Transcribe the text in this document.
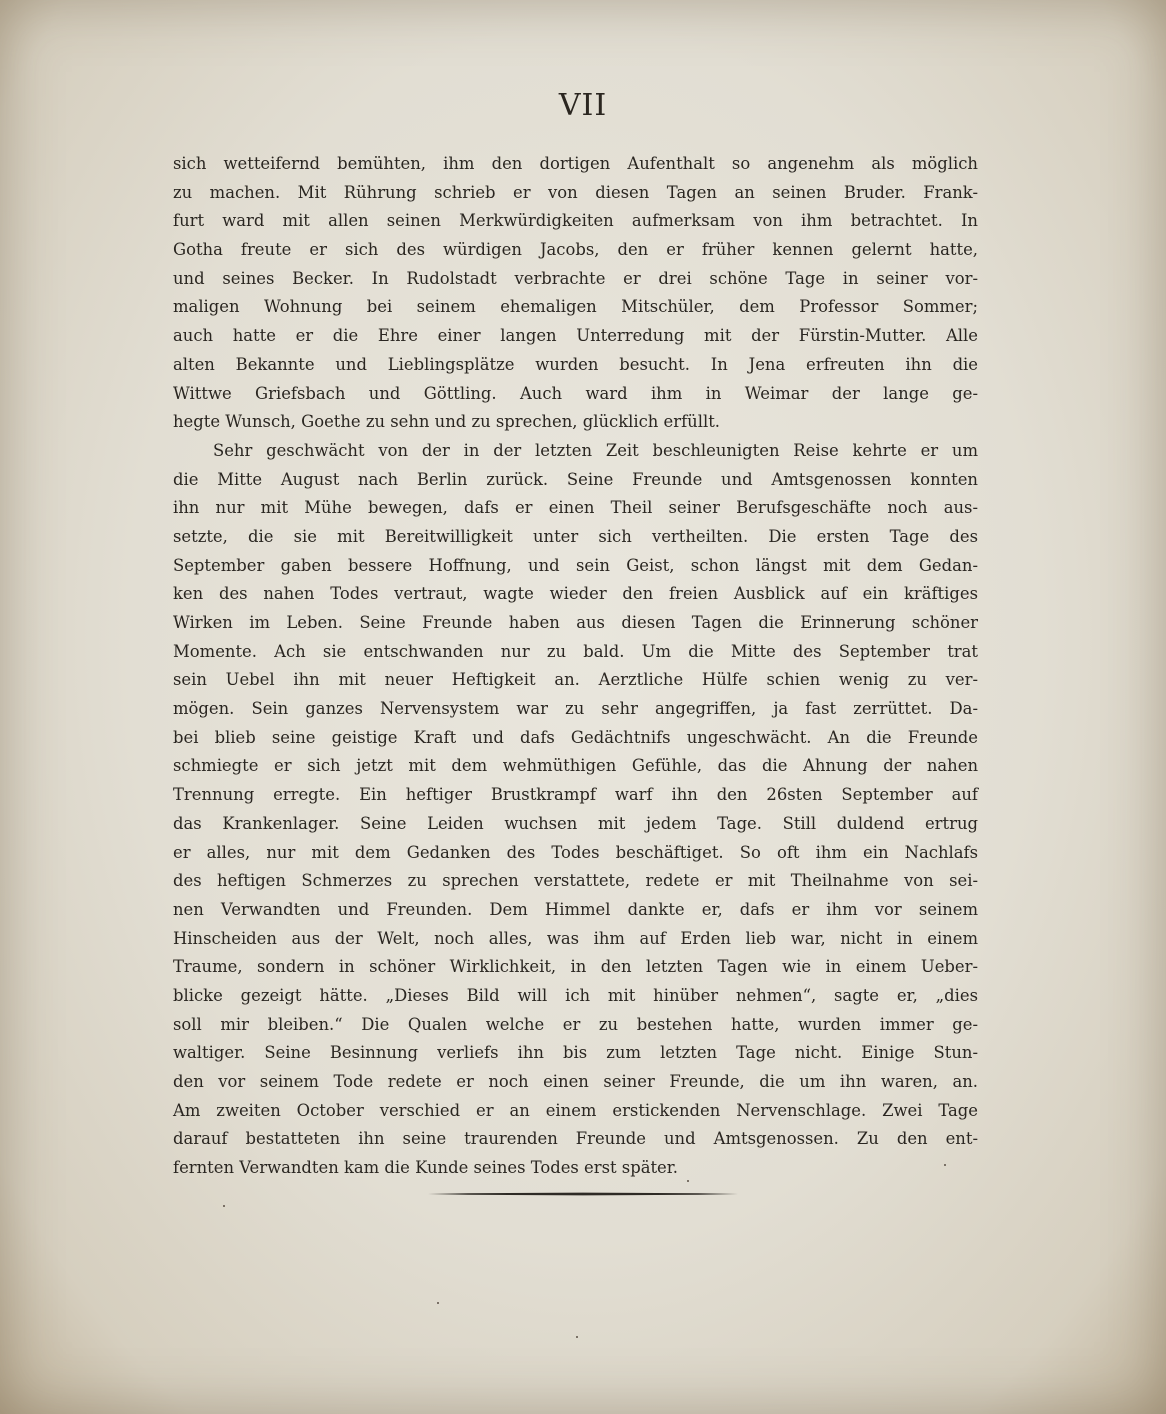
VII
sich wetteifernd bemühten, ihm den dortigen Aufenthalt so angenehm als möglich
zu machen. Mit Rührung schrieb er von diesen Tagen an seinen Bruder. Frank-
furt ward mit allen seinen Merkwürdigkeiten aufmerksam von ihm betrachtet. In
Gotha freute er sich des würdigen Jacobs, den er früher kennen gelernt hatte,
und seines Becker. In Rudolstadt verbrachte er drei schöne Tage in seiner vor-
maligen Wohnung bei seinem ehemaligen Mitschüler, dem Professor Sommer;
auch hatte er die Ehre einer langen Unterredung mit der Fürstin-Mutter. Alle
alten Bekannte und Lieblingsplätze wurden besucht. In Jena erfreuten ihn die
Wittwe Griefsbach und Göttling. Auch ward ihm in Weimar der lange ge-
hegte Wunsch, Goethe zu sehn und zu sprechen, glücklich erfüllt.
Sehr geschwächt von der in der letzten Zeit beschleunigten Reise kehrte er um
die Mitte August nach Berlin zurück. Seine Freunde und Amtsgenossen konnten
ihn nur mit Mühe bewegen, dafs er einen Theil seiner Berufsgeschäfte noch aus-
setzte, die sie mit Bereitwilligkeit unter sich vertheilten. Die ersten Tage des
September gaben bessere Hoffnung, und sein Geist, schon längst mit dem Gedan-
ken des nahen Todes vertraut, wagte wieder den freien Ausblick auf ein kräftiges
Wirken im Leben. Seine Freunde haben aus diesen Tagen die Erinnerung schöner
Momente. Ach sie entschwanden nur zu bald. Um die Mitte des September trat
sein Uebel ihn mit neuer Heftigkeit an. Aerztliche Hülfe schien wenig zu ver-
mögen. Sein ganzes Nervensystem war zu sehr angegriffen, ja fast zerrüttet. Da-
bei blieb seine geistige Kraft und dafs Gedächtnifs ungeschwächt. An die Freunde
schmiegte er sich jetzt mit dem wehmüthigen Gefühle, das die Ahnung der nahen
Trennung erregte. Ein heftiger Brustkrampf warf ihn den 26sten September auf
das Krankenlager. Seine Leiden wuchsen mit jedem Tage. Still duldend ertrug
er alles, nur mit dem Gedanken des Todes beschäftiget. So oft ihm ein Nachlafs
des heftigen Schmerzes zu sprechen verstattete, redete er mit Theilnahme von sei-
nen Verwandten und Freunden. Dem Himmel dankte er, dafs er ihm vor seinem
Hinscheiden aus der Welt, noch alles, was ihm auf Erden lieb war, nicht in einem
Traume, sondern in schöner Wirklichkeit, in den letzten Tagen wie in einem Ueber-
blicke gezeigt hätte. „Dieses Bild will ich mit hinüber nehmen“, sagte er, „dies
soll mir bleiben.“ Die Qualen welche er zu bestehen hatte, wurden immer ge-
waltiger. Seine Besinnung verliefs ihn bis zum letzten Tage nicht. Einige Stun-
den vor seinem Tode redete er noch einen seiner Freunde, die um ihn waren, an.
Am zweiten October verschied er an einem erstickenden Nervenschlage. Zwei Tage
darauf bestatteten ihn seine traurenden Freunde und Amtsgenossen. Zu den ent-
fernten Verwandten kam die Kunde seines Todes erst später.
